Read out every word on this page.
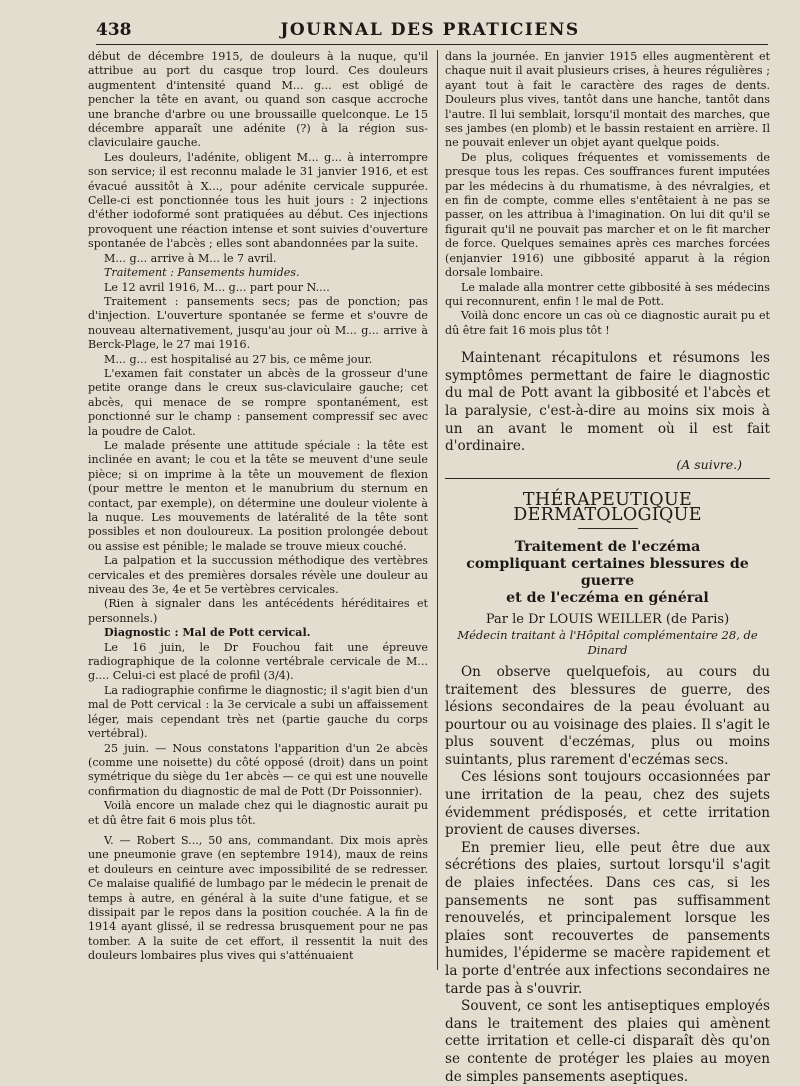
438	JOURNAL DES PRATICIENS

début de décembre 1915, de douleurs à la nuque, qu'il attribue au port du casque trop lourd. Ces douleurs augmentent d'intensité quand M... g... est obligé de pencher la tête en avant, ou quand son casque accroche une branche d'arbre ou une broussaille quelconque. Le 15 décembre apparaît une adénite (?) à la région sus-claviculaire gauche.

Les douleurs, l'adénite, obligent M... g... à interrompre son service; il est reconnu malade le 31 janvier 1916, et est évacué aussitôt à X..., pour adénite cervicale suppurée. Celle-ci est ponctionnée tous les huit jours : 2 injections d'éther iodoformé sont pratiquées au début. Ces injections provoquent une réaction intense et sont suivies d'ouverture spontanée de l'abcès ; elles sont abandonnées par la suite.

M... g... arrive à M... le 7 avril.

Traitement : Pansements humides.

Le 12 avril 1916, M... g... part pour N....

Traitement : pansements secs; pas de ponction; pas d'injection. L'ouverture spontanée se ferme et s'ouvre de nouveau alternativement, jusqu'au jour où M... g... arrive à Berck-Plage, le 27 mai 1916.

M... g... est hospitalisé au 27 bis, ce même jour.

L'examen fait constater un abcès de la grosseur d'une petite orange dans le creux sus-claviculaire gauche; cet abcès, qui menace de se rompre spontanément, est ponctionné sur le champ : pansement compressif sec avec la poudre de Calot.

Le malade présente une attitude spéciale : la tête est inclinée en avant; le cou et la tête se meuvent d'une seule pièce; si on imprime à la tête un mouvement de flexion (pour mettre le menton et le manubrium du sternum en contact, par exemple), on détermine une douleur violente à la nuque. Les mouvements de latéralité de la tête sont possibles et non douloureux. La position prolongée debout ou assise est pénible; le malade se trouve mieux couché.

La palpation et la succussion méthodique des vertèbres cervicales et des premières dorsales révèle une douleur au niveau des 3e, 4e et 5e vertèbres cervicales.

(Rien à signaler dans les antécédents héréditaires et personnels.)

Diagnostic : Mal de Pott cervical.

Le 16 juin, le Dr Fouchou fait une épreuve radiographique de la colonne vertébrale cervicale de M... g.... Celui-ci est placé de profil (3/4).

La radiographie confirme le diagnostic; il s'agit bien d'un mal de Pott cervical : la 3e cervicale a subi un affaissement léger, mais cependant très net (partie gauche du corps vertébral).

25 juin. — Nous constatons l'apparition d'un 2e abcès (comme une noisette) du côté opposé (droit) dans un point symétrique du siège du 1er abcès — ce qui est une nouvelle confirmation du diagnostic de mal de Pott (Dr Poissonnier).

Voilà encore un malade chez qui le diagnostic aurait pu et dû être fait 6 mois plus tôt.

V. — Robert S..., 50 ans, commandant. Dix mois après une pneumonie grave (en septembre 1914), maux de reins et douleurs en ceinture avec impossibilité de se redresser. Ce malaise qualifié de lumbago par le médecin le prenait de temps à autre, en général à la suite d'une fatigue, et se dissipait par le repos dans la position couchée. A la fin de 1914 ayant glissé, il se redressa brusquement pour ne pas tomber. A la suite de cet effort, il ressentit la nuit des douleurs lombaires plus vives qui s'atténuaient

dans la journée. En janvier 1915 elles augmentèrent et chaque nuit il avait plusieurs crises, à heures régulières ; ayant tout à fait le caractère des rages de dents. Douleurs plus vives, tantôt dans une hanche, tantôt dans l'autre. Il lui semblait, lorsqu'il montait des marches, que ses jambes (en plomb) et le bassin restaient en arrière. Il ne pouvait enlever un objet ayant quelque poids.

De plus, coliques fréquentes et vomissements de presque tous les repas. Ces souffrances furent imputées par les médecins à du rhumatisme, à des névralgies, et en fin de compte, comme elles s'entêtaient à ne pas se passer, on les attribua à l'imagination. On lui dit qu'il se figurait qu'il ne pouvait pas marcher et on le fit marcher de force. Quelques semaines après ces marches forcées (enjanvier 1916) une gibbosité apparut à la région dorsale lombaire.

Le malade alla montrer cette gibbosité à ses médecins qui reconnurent, enfin ! le mal de Pott.

Voilà donc encore un cas où ce diagnostic aurait pu et dû être fait 16 mois plus tôt !

Maintenant récapitulons et résumons les symptômes permettant de faire le diagnostic du mal de Pott avant la gibbosité et l'abcès et la paralysie, c'est-à-dire au moins six mois à un an avant le moment où il est fait d'ordinaire.

(A suivre.)
THÉRAPEUTIQUE DERMATOLOGIQUE
Traitement de l'eczéma
compliquant certaines blessures de guerre
et de l'eczéma en général
Par le Dr LOUIS WEILLER (de Paris)
Médecin traitant à l'Hôpital complémentaire 28, de Dinard

On observe quelquefois, au cours du traitement des blessures de guerre, des lésions secondaires de la peau évoluant au pourtour ou au voisinage des plaies. Il s'agit le plus souvent d'eczémas, plus ou moins suintants, plus rarement d'eczémas secs.

Ces lésions sont toujours occasionnées par une irritation de la peau, chez des sujets évidemment prédisposés, et cette irritation provient de causes diverses.

En premier lieu, elle peut être due aux sécrétions des plaies, surtout lorsqu'il s'agit de plaies infectées. Dans ces cas, si les pansements ne sont pas suffisamment renouvelés, et principalement lorsque les plaies sont recouvertes de pansements humides, l'épiderme se macère rapidement et la porte d'entrée aux infections secondaires ne tarde pas à s'ouvrir.

Souvent, ce sont les antiseptiques employés dans le traitement des plaies qui amènent cette irritation et celle-ci disparaît dès qu'on se contente de protéger les plaies au moyen de simples pansements aseptiques.
